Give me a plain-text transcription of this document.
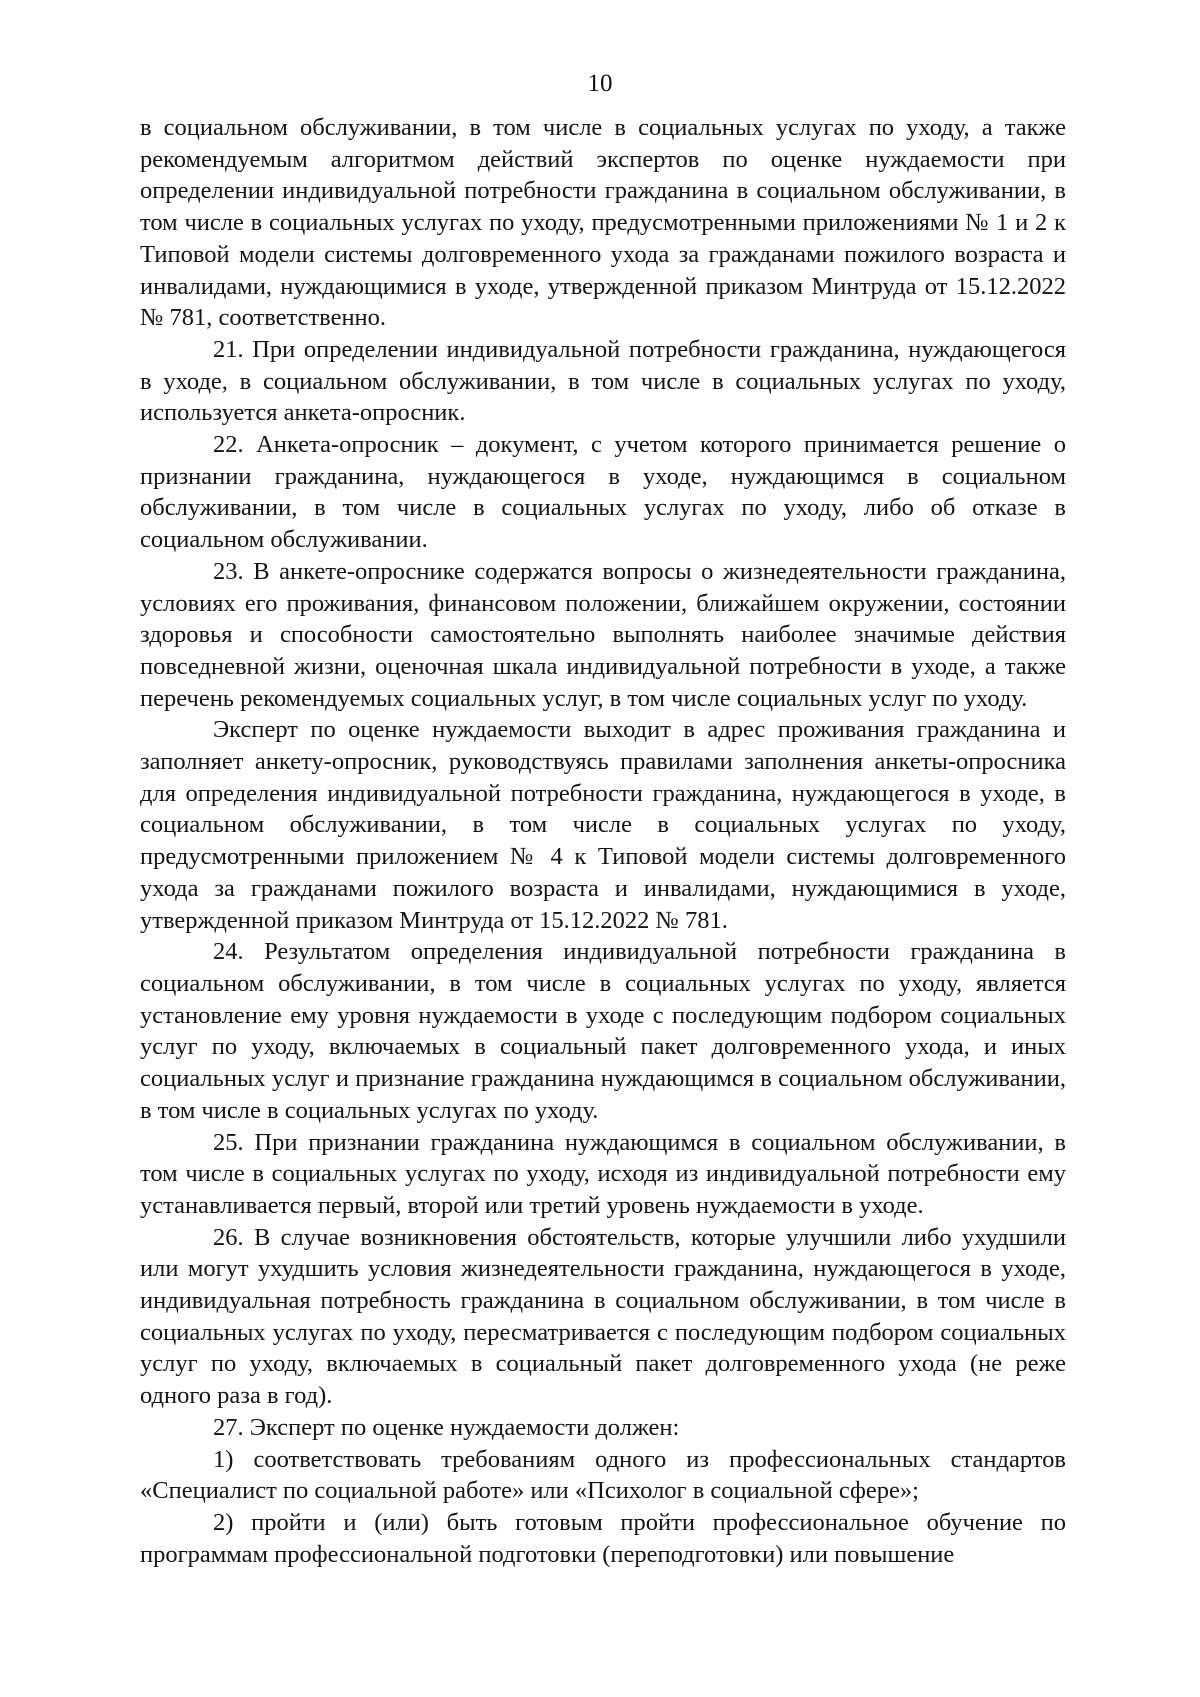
10

в социальном обслуживании, в том числе в социальных услугах по уходу, а также рекомендуемым алгоритмом действий экспертов по оценке нуждаемости при определении индивидуальной потребности гражданина в социальном обслуживании, в том числе в социальных услугах по уходу, предусмотренными приложениями № 1 и 2 к Типовой модели системы долговременного ухода за гражданами пожилого возраста и инвалидами, нуждающимися в уходе, утвержденной приказом Минтруда от 15.12.2022 № 781, соответственно.

21. При определении индивидуальной потребности гражданина, нуждающегося в уходе, в социальном обслуживании, в том числе в социальных услугах по уходу, используется анкета-опросник.

22. Анкета-опросник – документ, с учетом которого принимается решение о признании гражданина, нуждающегося в уходе, нуждающимся в социальном обслуживании, в том числе в социальных услугах по уходу, либо об отказе в социальном обслуживании.

23. В анкете-опроснике содержатся вопросы о жизнедеятельности гражданина, условиях его проживания, финансовом положении, ближайшем окружении, состоянии здоровья и способности самостоятельно выполнять наиболее значимые действия повседневной жизни, оценочная шкала индивидуальной потребности в уходе, а также перечень рекомендуемых социальных услуг, в том числе социальных услуг по уходу.

Эксперт по оценке нуждаемости выходит в адрес проживания гражданина и заполняет анкету-опросник, руководствуясь правилами заполнения анкеты-опросника для определения индивидуальной потребности гражданина, нуждающегося в уходе, в социальном обслуживании, в том числе в социальных услугах по уходу, предусмотренными приложением № 4 к Типовой модели системы долговременного ухода за гражданами пожилого возраста и инвалидами, нуждающимися в уходе, утвержденной приказом Минтруда от 15.12.2022 № 781.

24. Результатом определения индивидуальной потребности гражданина в социальном обслуживании, в том числе в социальных услугах по уходу, является установление ему уровня нуждаемости в уходе с последующим подбором социальных услуг по уходу, включаемых в социальный пакет долговременного ухода, и иных социальных услуг и признание гражданина нуждающимся в социальном обслуживании, в том числе в социальных услугах по уходу.

25. При признании гражданина нуждающимся в социальном обслуживании, в том числе в социальных услугах по уходу, исходя из индивидуальной потребности ему устанавливается первый, второй или третий уровень нуждаемости в уходе.

26. В случае возникновения обстоятельств, которые улучшили либо ухудшили или могут ухудшить условия жизнедеятельности гражданина, нуждающегося в уходе, индивидуальная потребность гражданина в социальном обслуживании, в том числе в социальных услугах по уходу, пересматривается с последующим подбором социальных услуг по уходу, включаемых в социальный пакет долговременного ухода (не реже одного раза в год).

27. Эксперт по оценке нуждаемости должен:

1) соответствовать требованиям одного из профессиональных стандартов «Специалист по социальной работе» или «Психолог в социальной сфере»;

2) пройти и (или) быть готовым пройти профессиональное обучение по программам профессиональной подготовки (переподготовки) или повышение
